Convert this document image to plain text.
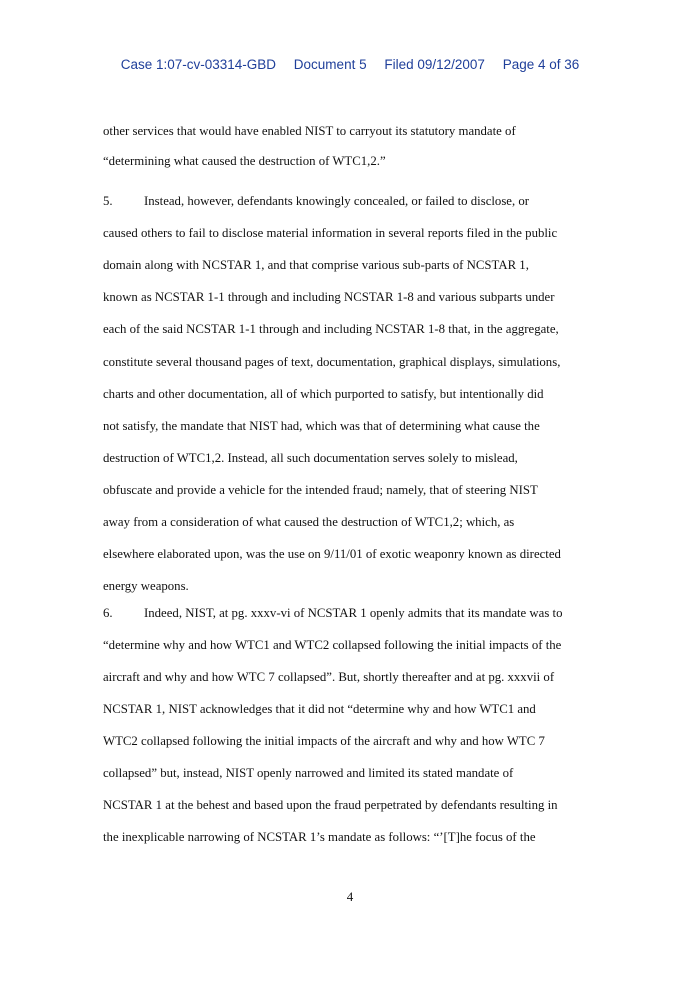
Case 1:07-cv-03314-GBD Document 5 Filed 09/12/2007 Page 4 of 36
other services that would have enabled NIST to carryout its statutory mandate of
“determining what caused the destruction of WTC1,2.”
5. Instead, however, defendants knowingly concealed, or failed to disclose, or
caused others to fail to disclose material information in several reports filed in the public
domain along with NCSTAR 1, and that comprise various sub-parts of NCSTAR 1,
known as NCSTAR 1-1 through and including NCSTAR 1-8 and various subparts under
each of the said NCSTAR 1-1 through and including NCSTAR 1-8 that, in the aggregate,
constitute several thousand pages of text, documentation, graphical displays, simulations,
charts and other documentation, all of which purported to satisfy, but intentionally did
not satisfy, the mandate that NIST had, which was that of determining what cause the
destruction of WTC1,2. Instead, all such documentation serves solely to mislead,
obfuscate and provide a vehicle for the intended fraud; namely, that of steering NIST
away from a consideration of what caused the destruction of WTC1,2; which, as
elsewhere elaborated upon, was the use on 9/11/01 of exotic weaponry known as directed
energy weapons.
6. Indeed, NIST, at pg. xxxv-vi of NCSTAR 1 openly admits that its mandate was to
“determine why and how WTC1 and WTC2 collapsed following the initial impacts of the
aircraft and why and how WTC 7 collapsed”. But, shortly thereafter and at pg. xxxvii of
NCSTAR 1, NIST acknowledges that it did not “determine why and how WTC1 and
WTC2 collapsed following the initial impacts of the aircraft and why and how WTC 7
collapsed” but, instead, NIST openly narrowed and limited its stated mandate of
NCSTAR 1 at the behest and based upon the fraud perpetrated by defendants resulting in
the inexplicable narrowing of NCSTAR 1’s mandate as follows: “’[T]he focus of the
4
